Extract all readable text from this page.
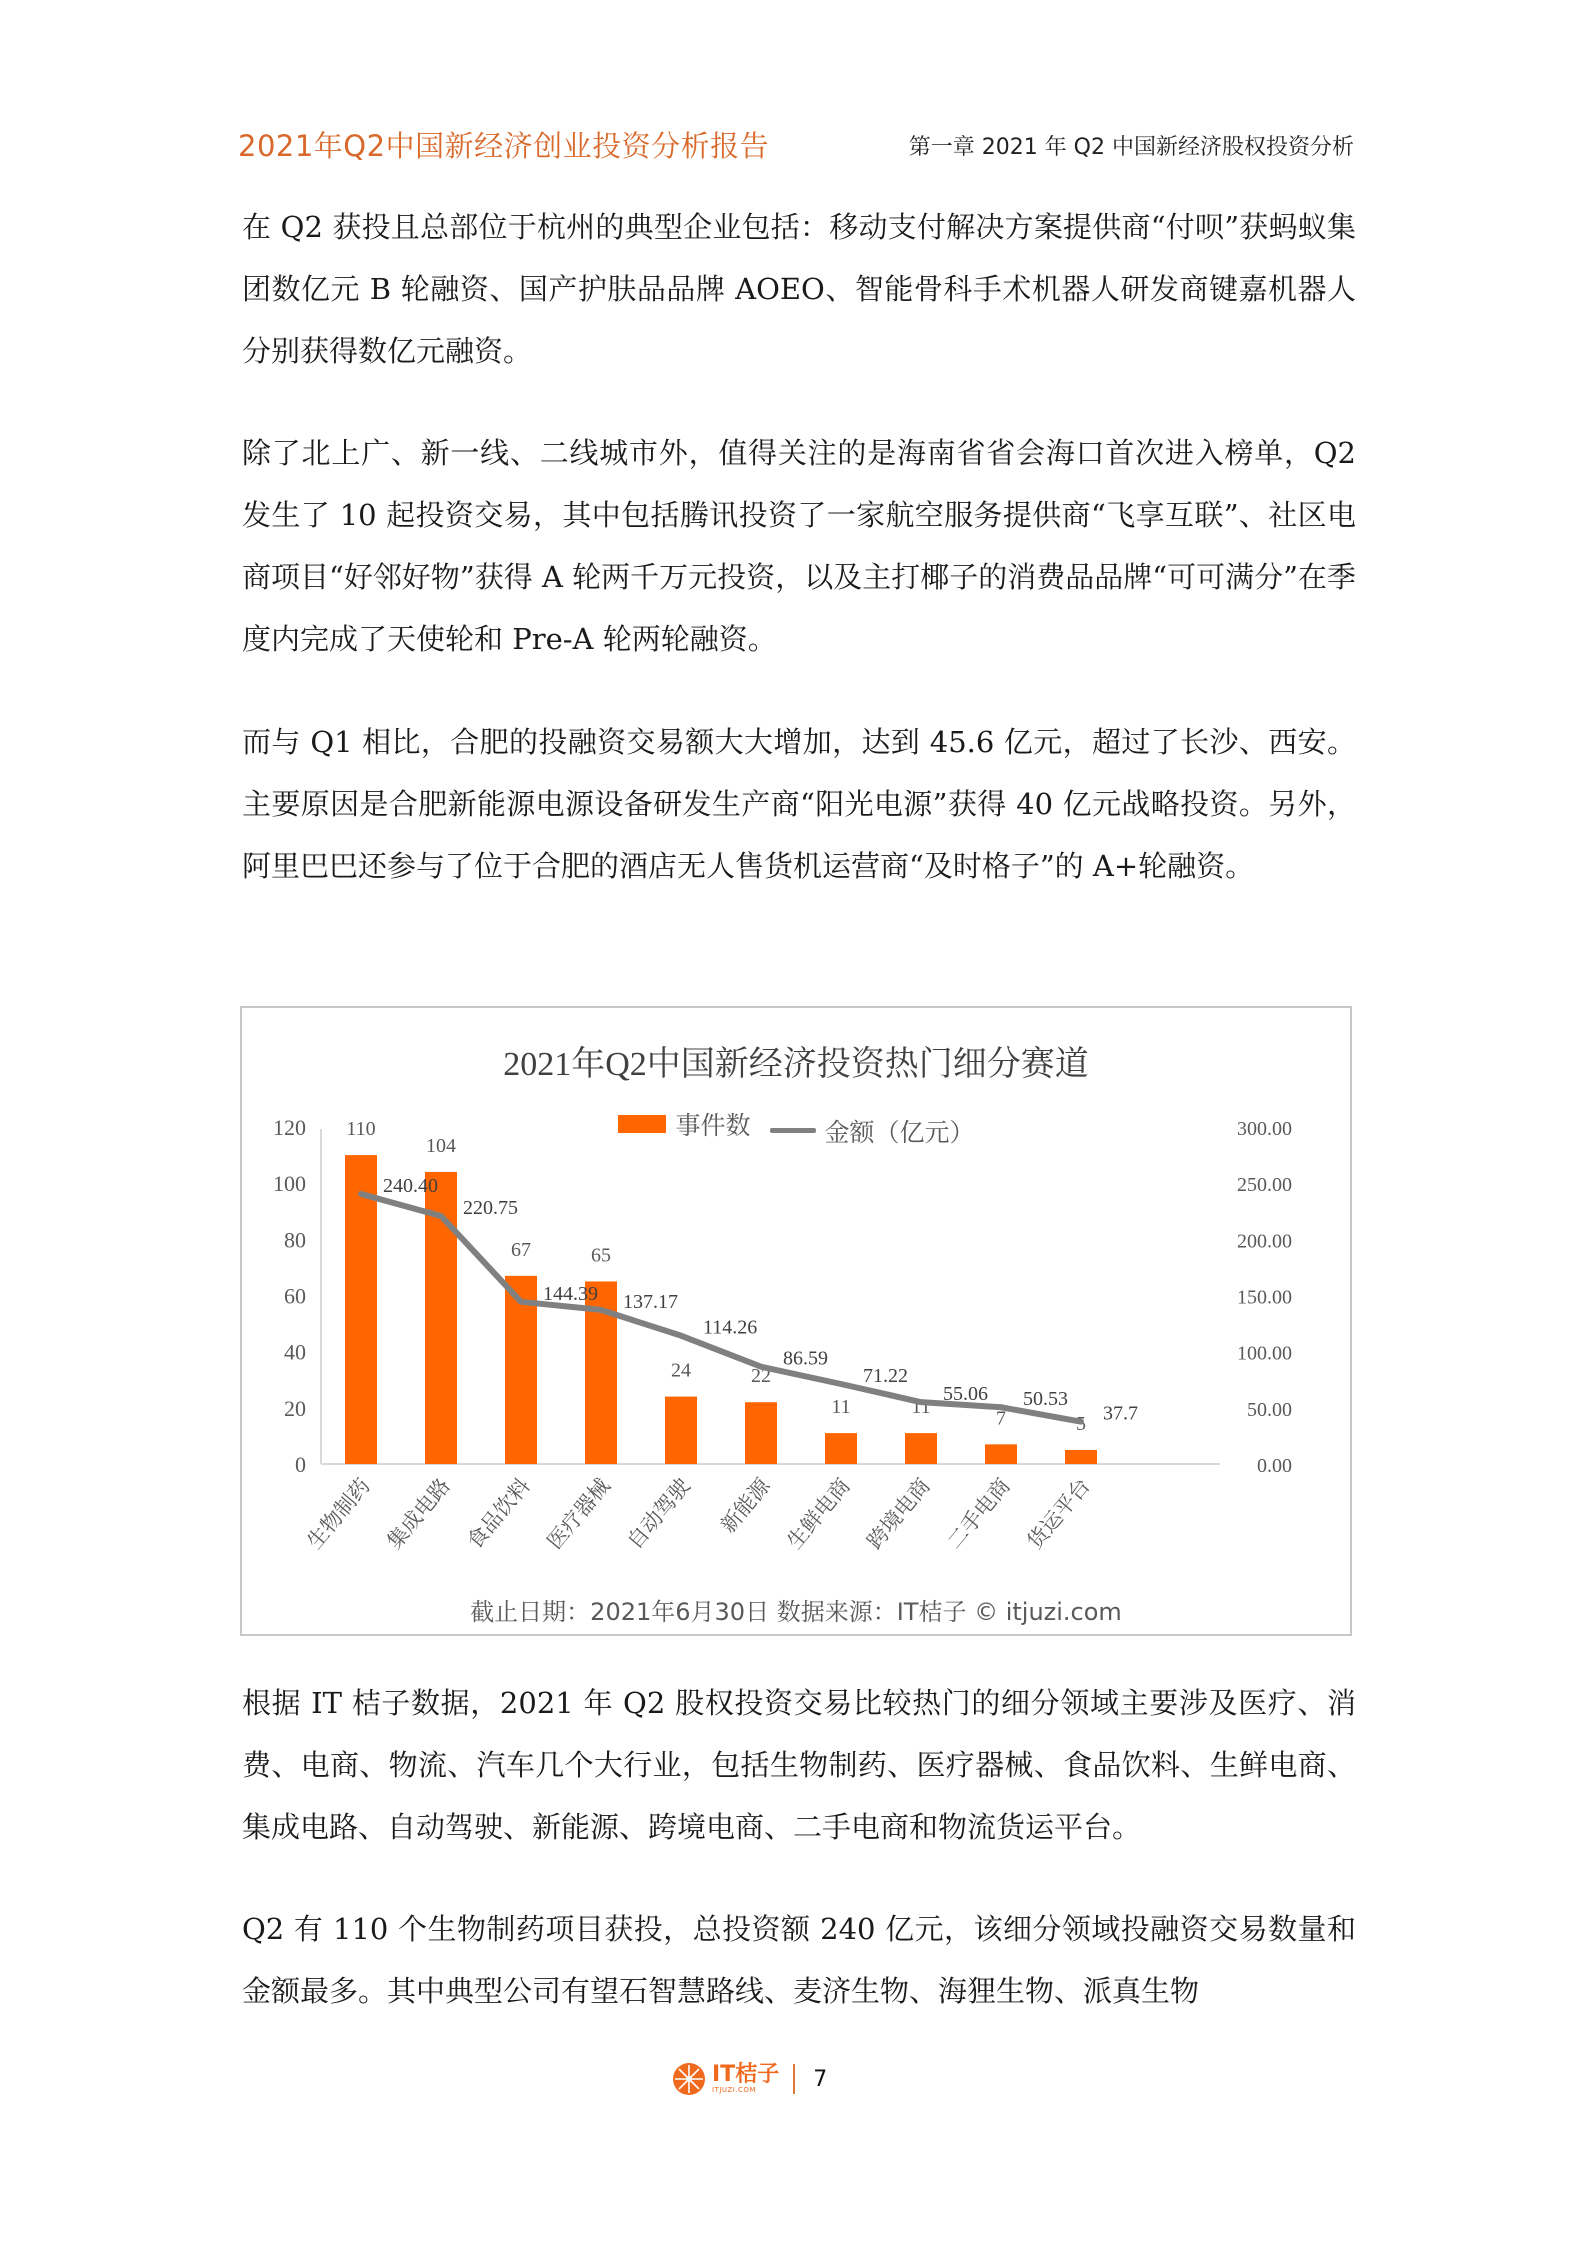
2021年Q2中国新经济创业投资分析报告	第一章 2021 年 Q2 中国新经济股权投资分析

在 Q2 获投且总部位于杭州的典型企业包括：移动支付解决方案提供商“付呗”获蚂蚁集团数亿元 B 轮融资、国产护肤品品牌 AOEO、智能骨科手术机器人研发商键嘉机器人分别获得数亿元融资。

除了北上广、新一线、二线城市外，值得关注的是海南省省会海口首次进入榜单，Q2 发生了 10 起投资交易，其中包括腾讯投资了一家航空服务提供商“飞享互联”、社区电商项目“好邻好物”获得 A 轮两千万元投资，以及主打椰子的消费品品牌“可可满分”在季度内完成了天使轮和 Pre-A 轮两轮融资。

而与 Q1 相比，合肥的投融资交易额大大增加，达到 45.6 亿元，超过了长沙、西安。主要原因是合肥新能源电源设备研发生产商“阳光电源”获得 40 亿元战略投资。另外，阿里巴巴还参与了位于合肥的酒店无人售货机运营商“及时格子”的 A+轮融资。

2021年Q2中国新经济投资热门细分赛道
事件数
	金额（亿元）
0
20
40
60
80
100
120
0.00
50.00
100.00
150.00
200.00
250.00
300.00
110
104
67	65
24	22
11	11
7	5
240.40
220.75
144.39 137.17
114.26
86.59
71.22
55.06 50.53
37.7
生物制药 集成电路 食品饮料 医疗器械 自动驾驶 新能源 生鲜电商 跨境电商 二手电商 货运平台
截止日期：2021年6月30日 数据来源：IT桔子 © itjuzi.com

根据 IT 桔子数据，2021 年 Q2 股权投资交易比较热门的细分领域主要涉及医疗、消费、电商、物流、汽车几个大行业，包括生物制药、医疗器械、食品饮料、生鲜电商、集成电路、自动驾驶、新能源、跨境电商、二手电商和物流货运平台。

Q2 有 110 个生物制药项目获投，总投资额 240 亿元，该细分领域投融资交易数量和金额最多。其中典型公司有望石智慧路线、麦济生物、海狸生物、派真生物

IT桔子
ITJUZI.COM	7
